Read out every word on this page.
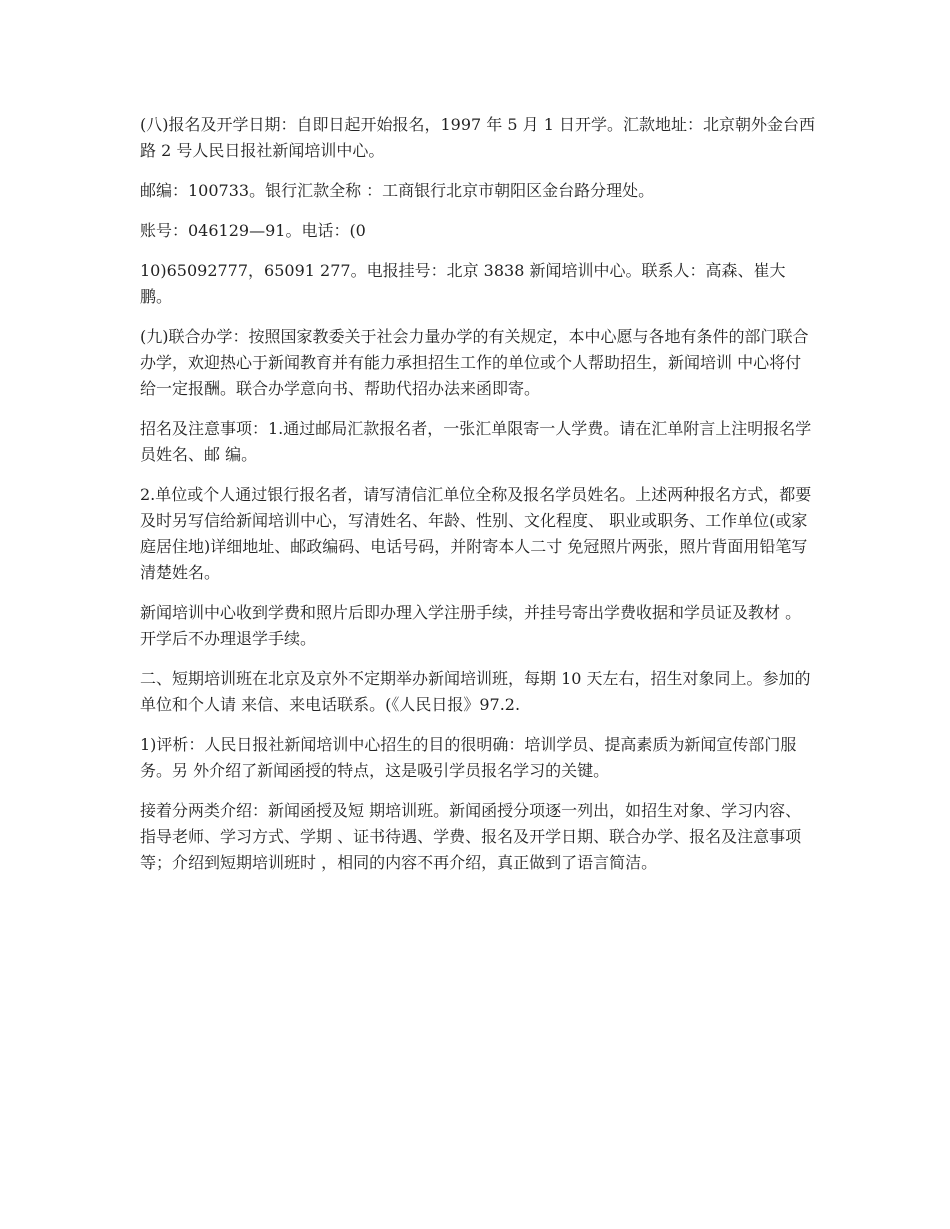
(八)报名及开学日期：自即日起开始报名，1997 年 5 月 1 日开学。汇款地址：北京朝外金台西路 2 号人民日报社新闻培训中心。

邮编：100733。银行汇款全称 ：工商银行北京市朝阳区金台路分理处。

账号：046129—91。电话：(0

10)65092777，65091 277。电报挂号：北京 3838 新闻培训中心。联系人：高森、崔大鹏。

(九)联合办学：按照国家教委关于社会力量办学的有关规定，本中心愿与各地有条件的部门联合办学，欢迎热心于新闻教育并有能力承担招生工作的单位或个人帮助招生，新闻培训 中心将付给一定报酬。联合办学意向书、帮助代招办法来函即寄。

招名及注意事项：1.通过邮局汇款报名者，一张汇单限寄一人学费。请在汇单附言上注明报名学员姓名、邮 编。

2.单位或个人通过银行报名者，请写清信汇单位全称及报名学员姓名。上述两种报名方式，都要及时另写信给新闻培训中心，写清姓名、年龄、性别、文化程度、 职业或职务、工作单位(或家庭居住地)详细地址、邮政编码、电话号码，并附寄本人二寸 免冠照片两张，照片背面用铅笔写清楚姓名。

新闻培训中心收到学费和照片后即办理入学注册手续，并挂号寄出学费收据和学员证及教材 。开学后不办理退学手续。

二、短期培训班在北京及京外不定期举办新闻培训班，每期 10 天左右，招生对象同上。参加的单位和个人请 来信、来电话联系。(《人民日报》97.2.

1)评析：人民日报社新闻培训中心招生的目的很明确：培训学员、提高素质为新闻宣传部门服务。另 外介绍了新闻函授的特点，这是吸引学员报名学习的关键。

接着分两类介绍：新闻函授及短 期培训班。新闻函授分项逐一列出，如招生对象、学习内容、指导老师、学习方式、学期 、证书待遇、学费、报名及开学日期、联合办学、报名及注意事项等；介绍到短期培训班时 ，相同的内容不再介绍，真正做到了语言简洁。
